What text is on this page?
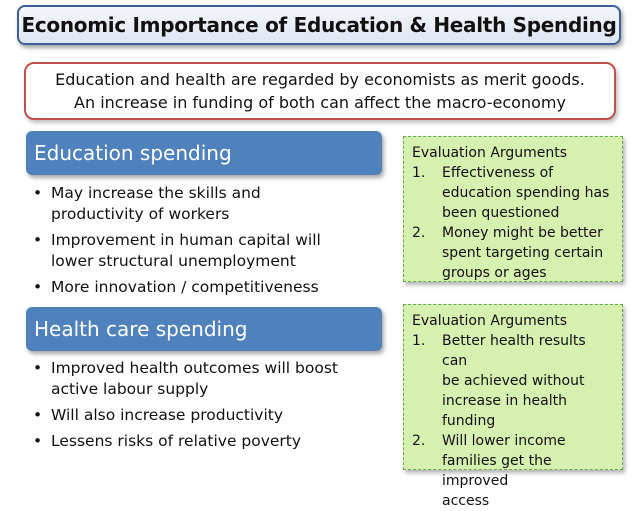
Economic Importance of Education & Health Spending
Education and health are regarded by economists as merit goods.
An increase in funding of both can affect the macro-economy
Education spending
• May increase the skills and
productivity of workers
• Improvement in human capital will
lower structural unemployment
• More innovation / competitiveness
Health care spending
• Improved health outcomes will boost
active labour supply
• Will also increase productivity
• Lessens risks of relative poverty
Evaluation Arguments
1. Effectiveness of
education spending has
been questioned
2. Money might be better
spent targeting certain
groups or ages
Evaluation Arguments
1. Better health results can
be achieved without
increase in health
funding
2. Will lower income
families get the improved
access
